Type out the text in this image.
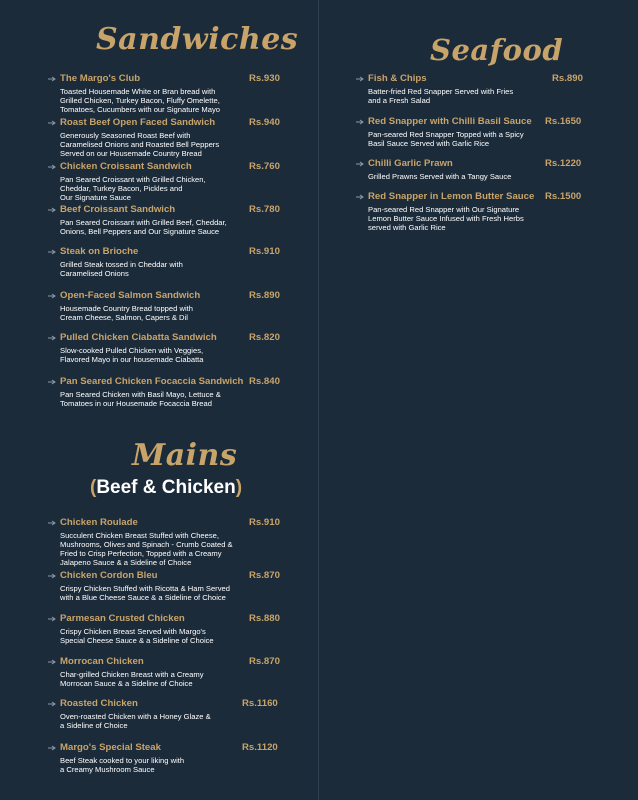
Sandwiches
The Margo's Club	Rs.930
Toasted Housemade White or Bran bread with
Grilled Chicken, Turkey Bacon, Fluffy Omelette,
Tomatoes, Cucumbers with our Signature Mayo
Roast Beef Open Faced Sandwich	Rs.940
Generously Seasoned Roast Beef with
Caramelised Onions and Roasted Bell Peppers
Served on our Housemade Country Bread
Chicken Croissant Sandwich	Rs.760
Pan Seared Croissant with Grilled Chicken,
Cheddar, Turkey Bacon, Pickles and
Our Signature Sauce
Beef Croissant Sandwich	Rs.780
Pan Seared Croissant with Grilled Beef, Cheddar,
Onions, Bell Peppers and Our Signature Sauce
Steak on Brioche	Rs.910
Grilled Steak tossed in Cheddar with
Caramelised Onions
Open-Faced Salmon Sandwich	Rs.890
Housemade Country Bread topped with
Cream Cheese, Salmon, Capers & Dil
Pulled Chicken Ciabatta Sandwich	Rs.820
Slow-cooked Pulled Chicken with Veggies,
Flavored Mayo in our housemade Ciabatta
Pan Seared Chicken Focaccia Sandwich Rs.840
Pan Seared Chicken with Basil Mayo, Lettuce &
Tomatoes in our Housemade Focaccia Bread
Mains
(Beef & Chicken)
Chicken Roulade	Rs.910
Succulent Chicken Breast Stuffed with Cheese,
Mushrooms, Olives and Spinach - Crumb Coated &
Fried to Crisp Perfection, Topped with a Creamy
Jalapeno Sauce & a Sideline of Choice
Chicken Cordon Bleu	Rs.870
Crispy Chicken Stuffed with Ricotta & Ham Served
with a Blue Cheese Sauce & a Sideline of Choice
Parmesan Crusted Chicken	Rs.880
Crispy Chicken Breast Served with Margo's
Special Cheese Sauce & a Sideline of Choice
Morrocan Chicken	Rs.870
Char-grilled Chicken Breast with a Creamy
Morrocan Sauce & a Sideline of Choice
Roasted Chicken	Rs.1160
Oven-roasted Chicken with a Honey Glaze &
a Sideline of Choice
Margo's Special Steak	Rs.1120
Beef Steak cooked to your liking with
a Creamy Mushroom Sauce
Seafood
Fish & Chips	Rs.890
Batter-fried Red Snapper Served with Fries
and a Fresh Salad
Red Snapper with Chilli Basil Sauce Rs.1650
Pan-seared Red Snapper Topped with a Spicy
Basil Sauce Served with Garlic Rice
Chilli Garlic Prawn	Rs.1220
Grilled Prawns Served with a Tangy Sauce
Red Snapper in Lemon Butter Sauce Rs.1500
Pan-seared Red Snapper with Our Signature
Lemon Butter Sauce Infused with Fresh Herbs
served with Garlic Rice
